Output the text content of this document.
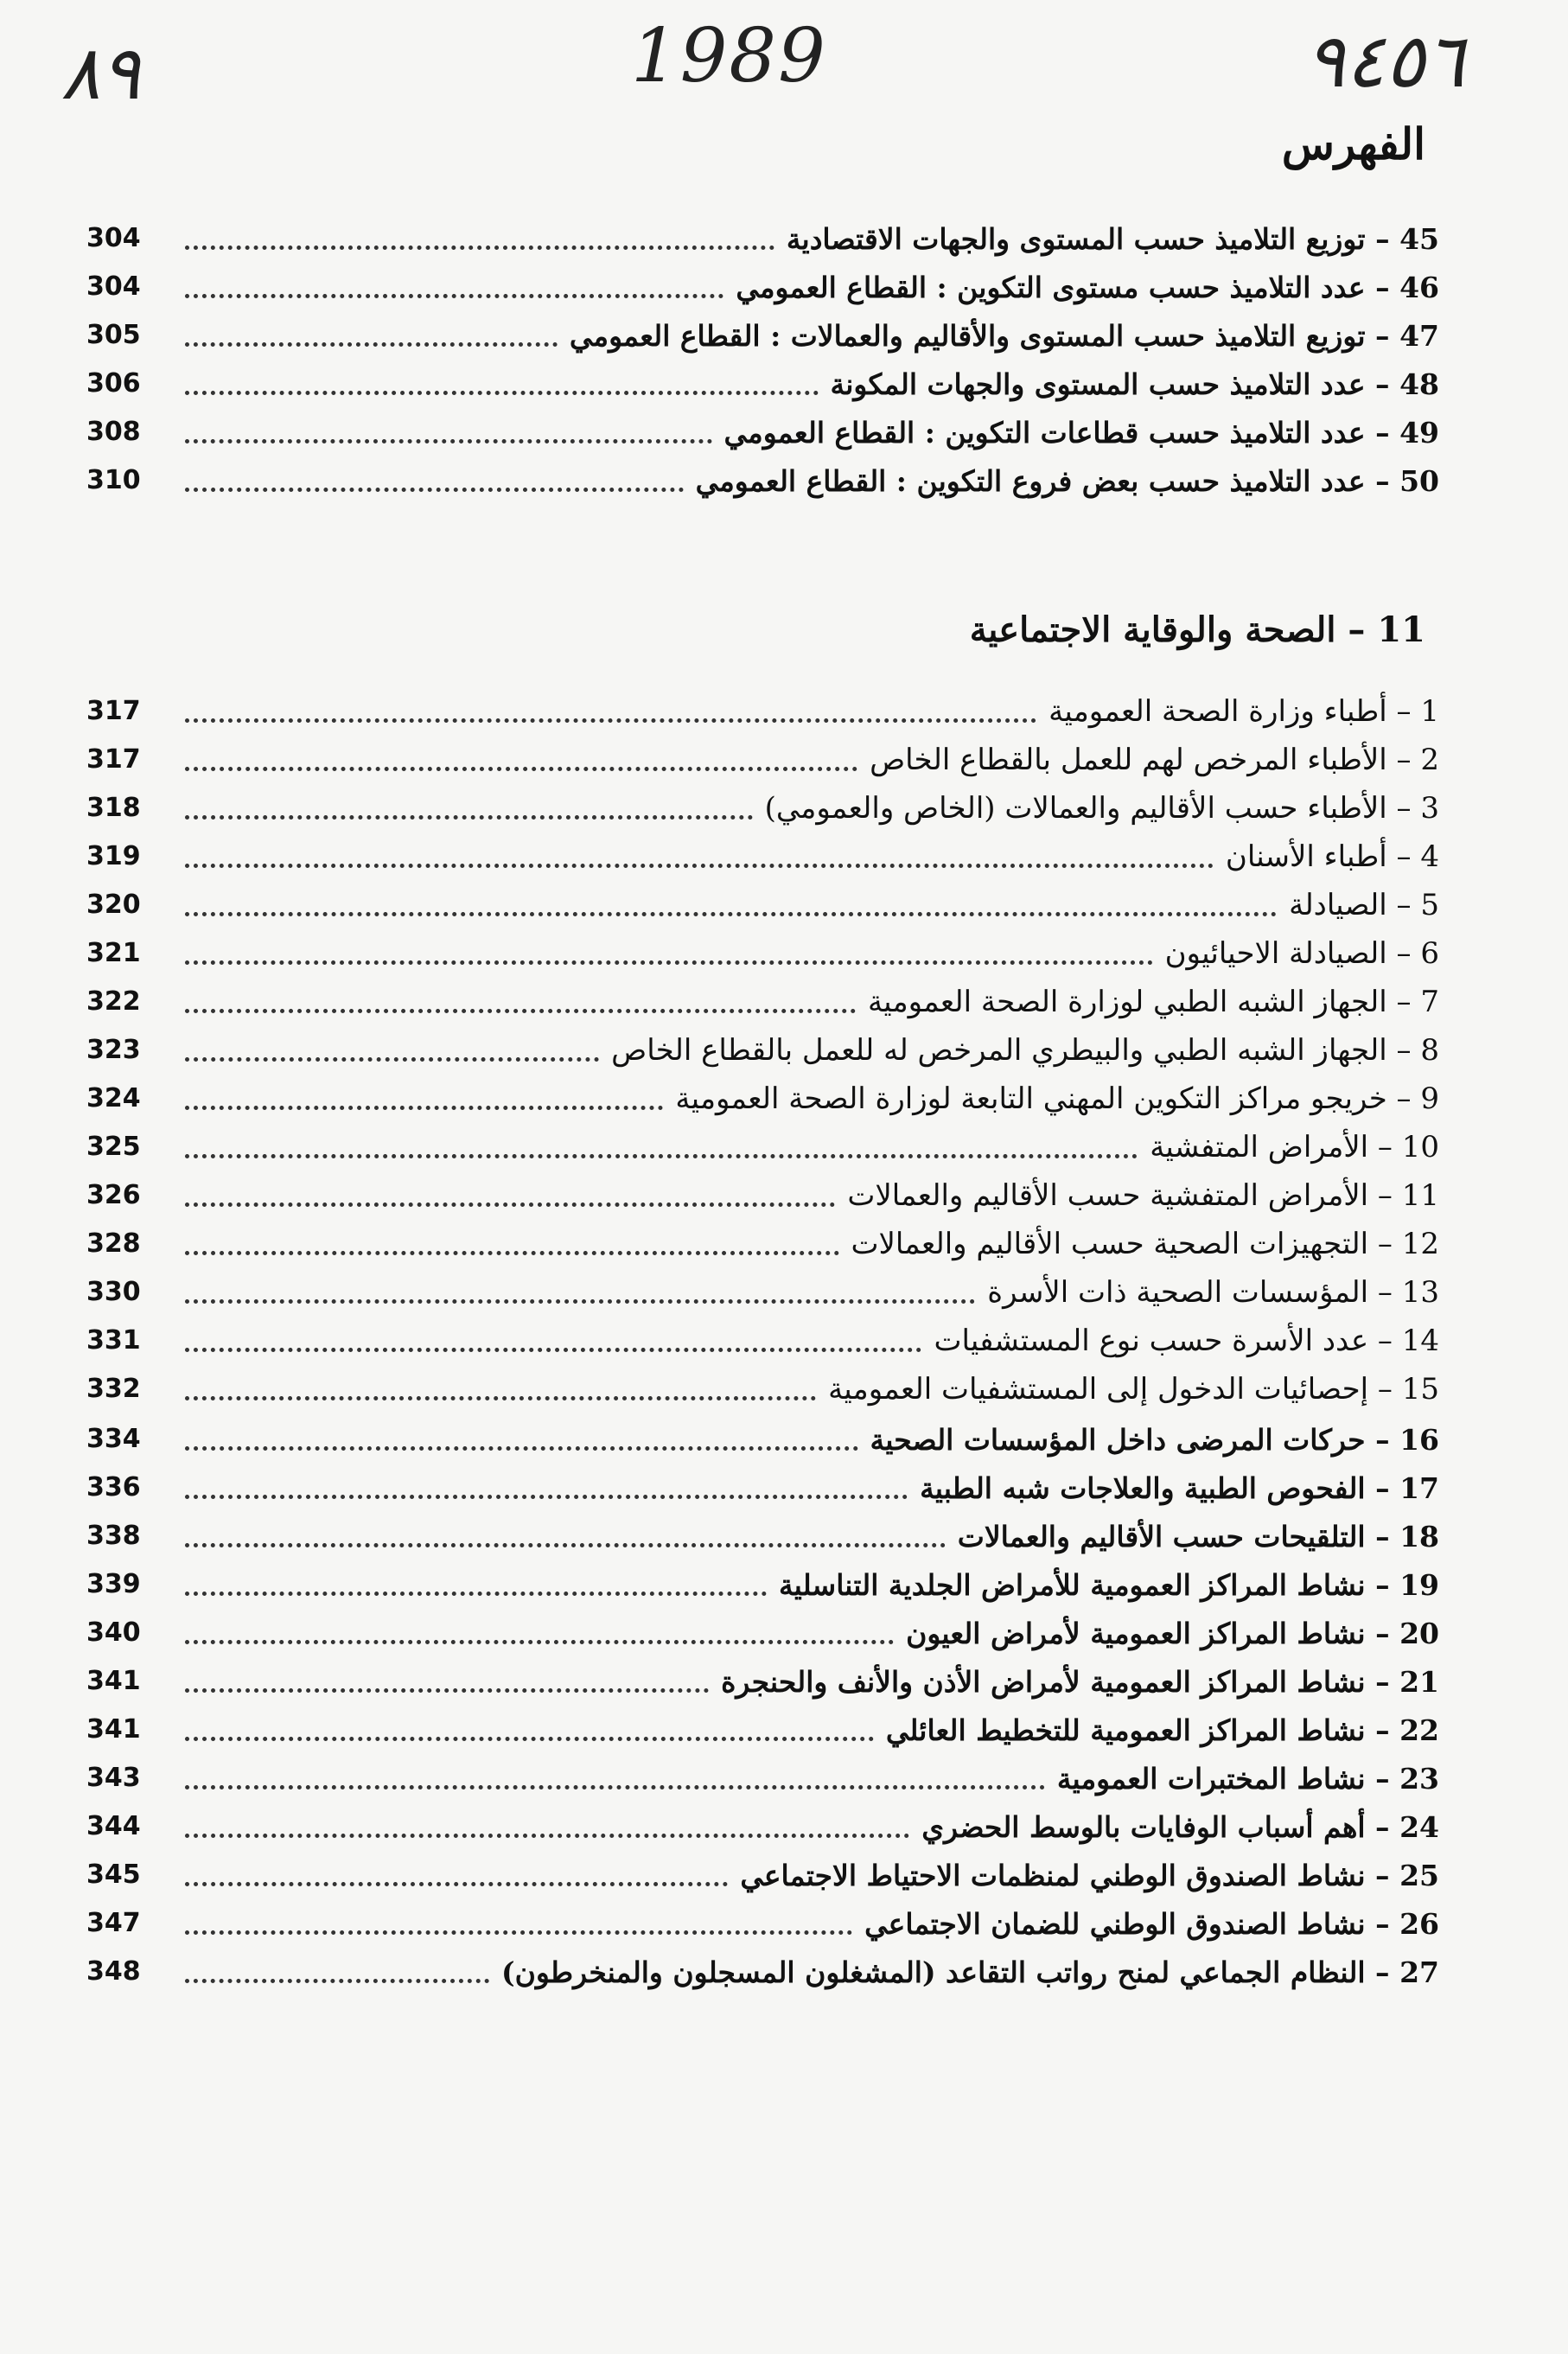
٨٩	1989	٩٤٥٦
الفهرس
11 – الصحة والوقاية الاجتماعية
45 – توزيع التلاميذ حسب المستوى والجهات الاقتصادية
304
46 – عدد التلاميذ حسب مستوى التكوين : القطاع العمومي
304
47 – توزيع التلاميذ حسب المستوى والأقاليم والعمالات : القطاع العمومي
305
48 – عدد التلاميذ حسب المستوى والجهات المكونة
306
49 – عدد التلاميذ حسب قطاعات التكوين : القطاع العمومي
308
50 – عدد التلاميذ حسب بعض فروع التكوين : القطاع العمومي
310
1 – أطباء وزارة الصحة العمومية
317
2 – الأطباء المرخص لهم للعمل بالقطاع الخاص
317
3 – الأطباء حسب الأقاليم والعمالات (الخاص والعمومي)
318
4 – أطباء الأسنان
319
5 – الصيادلة
320
6 – الصيادلة الاحيائيون
321
7 – الجهاز الشبه الطبي لوزارة الصحة العمومية
322
8 – الجهاز الشبه الطبي والبيطري المرخص له للعمل بالقطاع الخاص
323
9 – خريجو مراكز التكوين المهني التابعة لوزارة الصحة العمومية
324
10 – الأمراض المتفشية
325
11 – الأمراض المتفشية حسب الأقاليم والعمالات
326
12 – التجهيزات الصحية حسب الأقاليم والعمالات
328
13 – المؤسسات الصحية ذات الأسرة
330
14 – عدد الأسرة حسب نوع المستشفيات
331
15 – إحصائيات الدخول إلى المستشفيات العمومية
332
16 – حركات المرضى داخل المؤسسات الصحية
334
17 – الفحوص الطبية والعلاجات شبه الطبية
336
18 – التلقيحات حسب الأقاليم والعمالات
338
19 – نشاط المراكز العمومية للأمراض الجلدية التناسلية
339
20 – نشاط المراكز العمومية لأمراض العيون
340
21 – نشاط المراكز العمومية لأمراض الأذن والأنف والحنجرة
341
22 – نشاط المراكز العمومية للتخطيط العائلي
341
23 – نشاط المختبرات العمومية
343
24 – أهم أسباب الوفايات بالوسط الحضري
344
25 – نشاط الصندوق الوطني لمنظمات الاحتياط الاجتماعي
345
26 – نشاط الصندوق الوطني للضمان الاجتماعي
347
27 – النظام الجماعي لمنح رواتب التقاعد (المشغلون المسجلون والمنخرطون)
348
